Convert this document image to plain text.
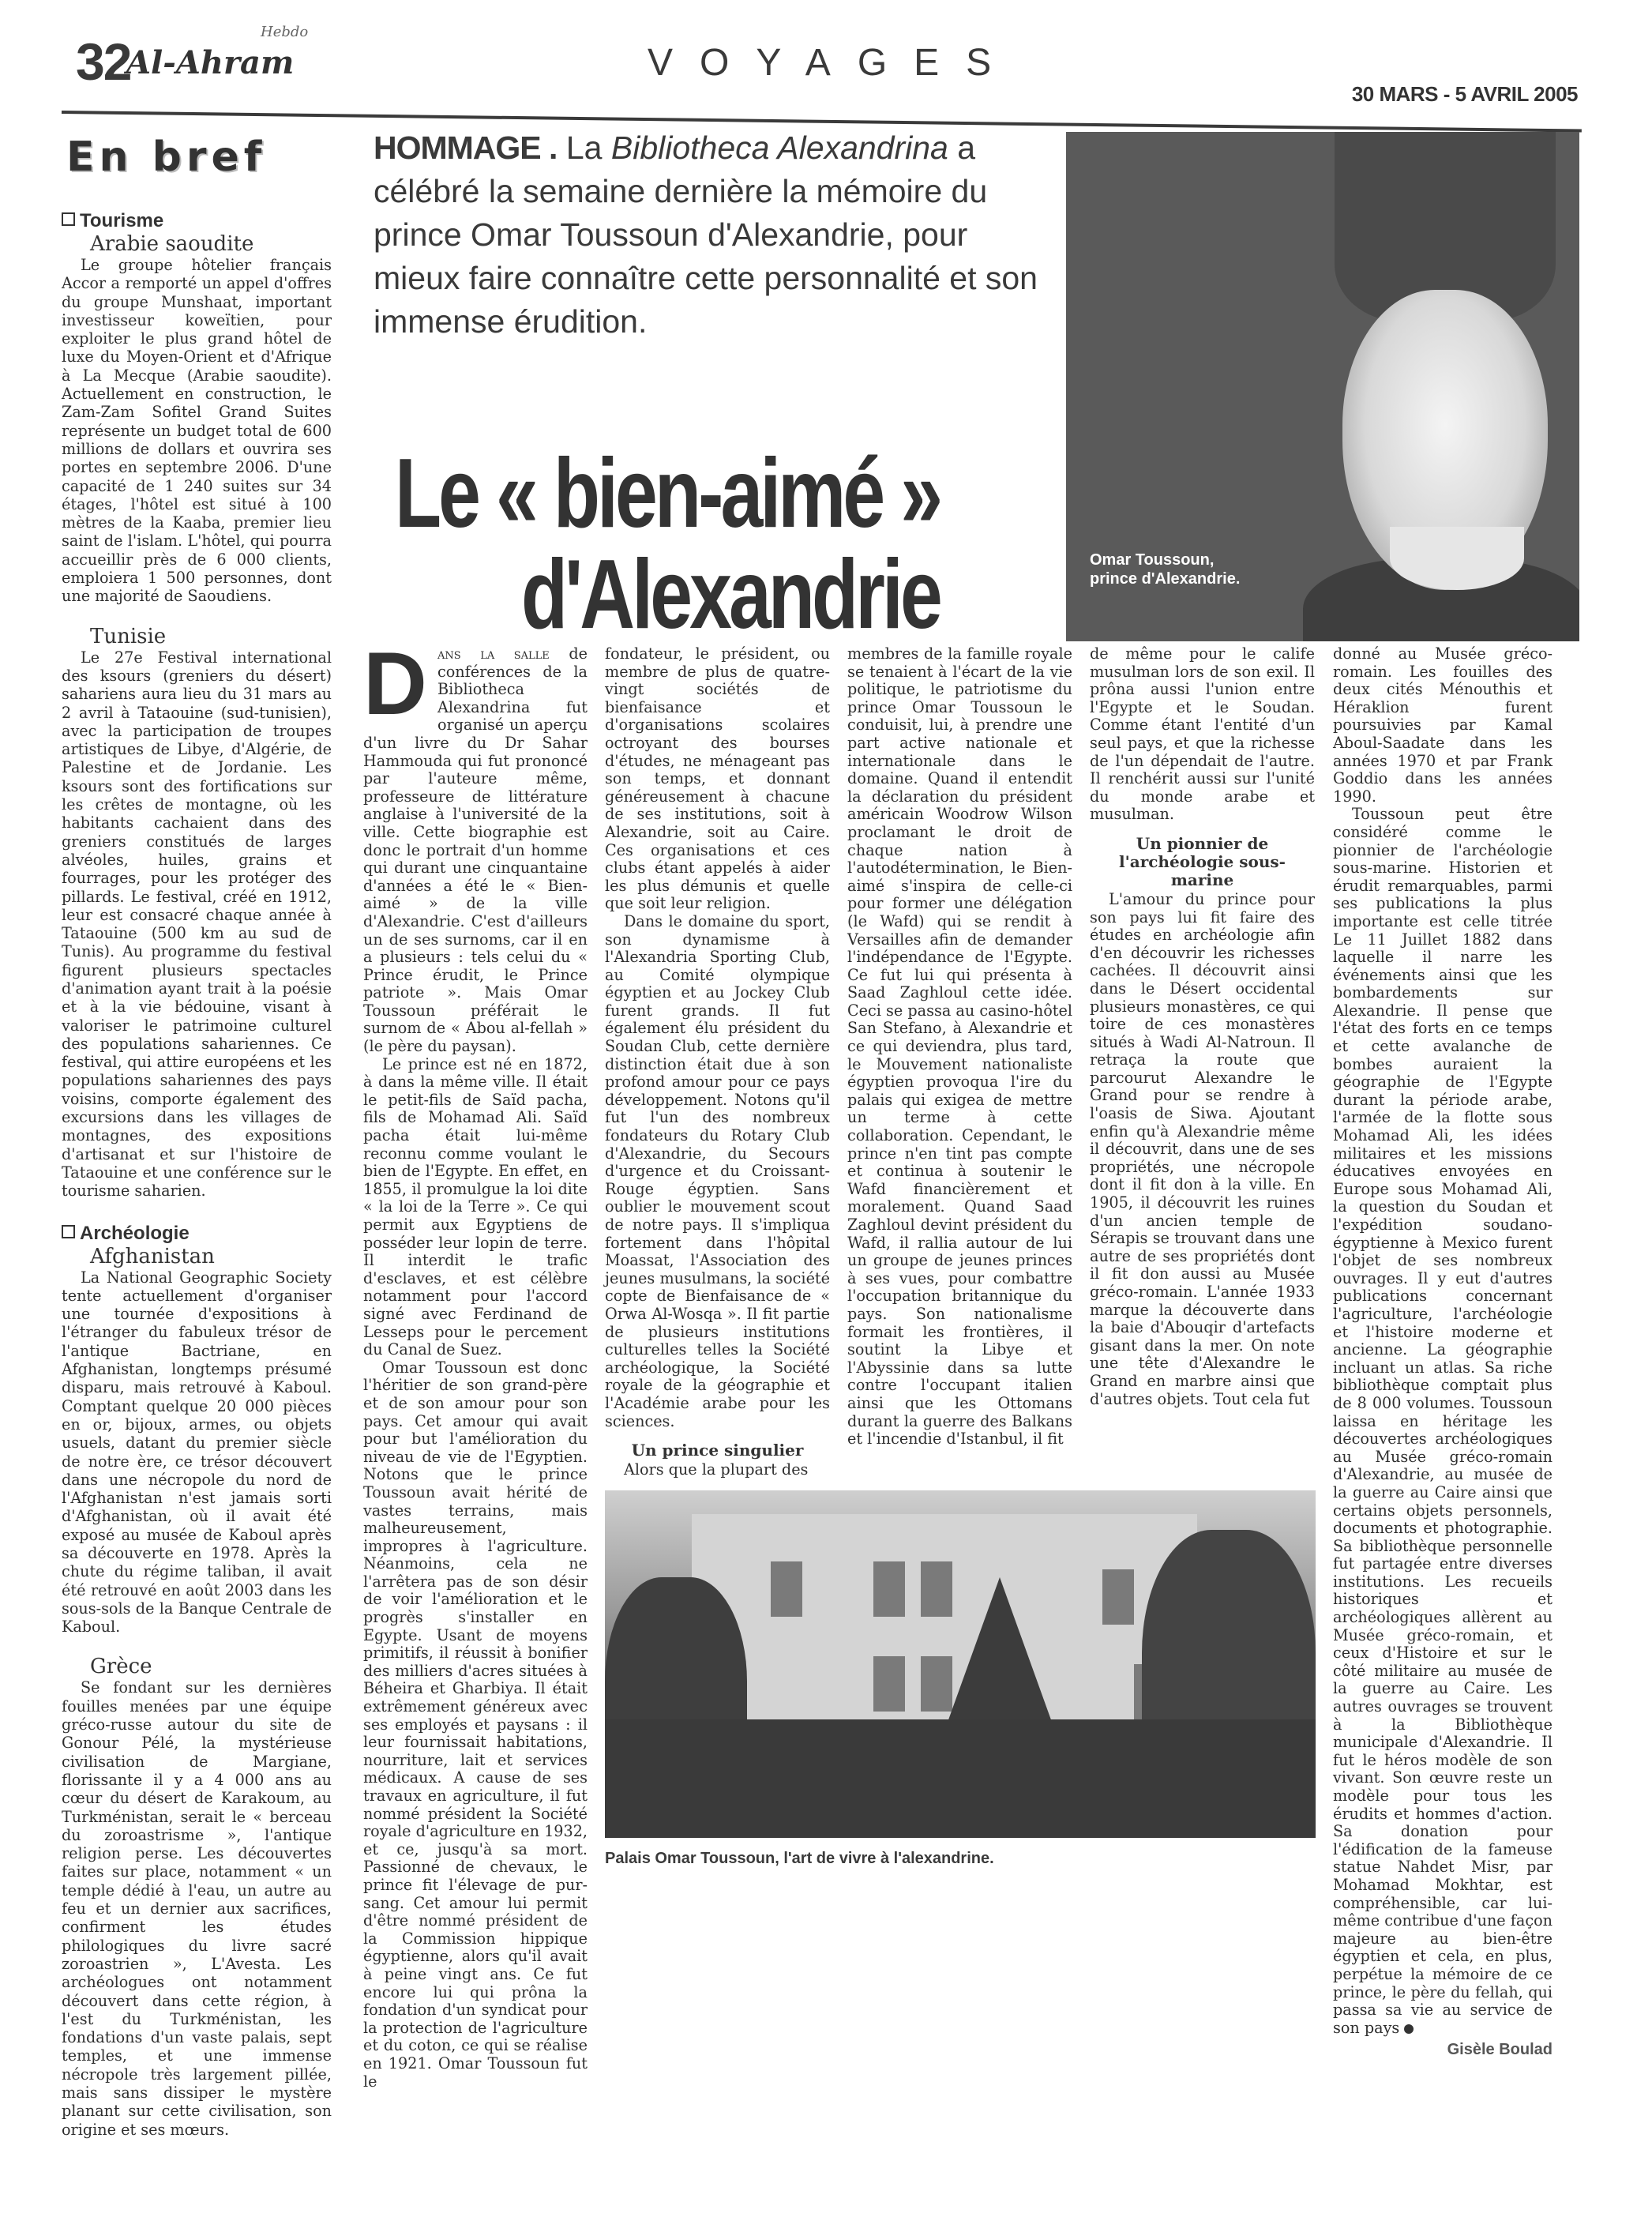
32
Al-Ahram
Hebdo
VOYAGES
30 MARS - 5 AVRIL 2005
En bref
Tourisme
Arabie saoudite

Le groupe hôtelier français Accor a remporté un appel d'offres du groupe Munshaat, important investisseur koweïtien, pour exploiter le plus grand hôtel de luxe du Moyen-Orient et d'Afrique à La Mecque (Arabie saoudite). Actuellement en construction, le Zam-Zam Sofitel Grand Suites représente un budget total de 600 millions de dollars et ouvrira ses portes en septembre 2006. D'une capacité de 1 240 suites sur 34 étages, l'hôtel est situé à 100 mètres de la Kaaba, premier lieu saint de l'islam. L'hôtel, qui pourra accueillir près de 6 000 clients, emploiera 1 500 personnes, dont une majorité de Saoudiens.

Tunisie

Le 27e Festival international des ksours (greniers du désert) sahariens aura lieu du 31 mars au 2 avril à Tataouine (sud-tunisien), avec la participation de troupes artistiques de Libye, d'Algérie, de Palestine et de Jordanie. Les ksours sont des fortifications sur les crêtes de montagne, où les habitants cachaient dans des greniers constitués de larges alvéoles, huiles, grains et fourrages, pour les protéger des pillards. Le festival, créé en 1912, leur est consacré chaque année à Tataouine (500 km au sud de Tunis). Au programme du festival figurent plusieurs spectacles d'animation ayant trait à la poésie et à la vie bédouine, visant à valoriser le patrimoine culturel des populations sahariennes. Ce festival, qui attire européens et les populations sahariennes des pays voisins, comporte également des excursions dans les villages de montagnes, des expositions d'artisanat et sur l'histoire de Tataouine et une conférence sur le tourisme saharien.

Archéologie
Afghanistan

La National Geographic Society tente actuellement d'organiser une tournée d'expositions à l'étranger du fabuleux trésor de l'antique Bactriane, en Afghanistan, longtemps présumé disparu, mais retrouvé à Kaboul. Comptant quelque 20 000 pièces en or, bijoux, armes, ou objets usuels, datant du premier siècle de notre ère, ce trésor découvert dans une nécropole du nord de l'Afghanistan n'est jamais sorti d'Afghanistan, où il avait été exposé au musée de Kaboul après sa découverte en 1978. Après la chute du régime taliban, il avait été retrouvé en août 2003 dans les sous-sols de la Banque Centrale de Kaboul.

Grèce

Se fondant sur les dernières fouilles menées par une équipe gréco-russe autour du site de Gonour Pélé, la mystérieuse civilisation de Margiane, florissante il y a 4 000 ans au cœur du désert de Karakoum, au Turkménistan, serait le « berceau du zoroastrisme », l'antique religion perse. Les découvertes faites sur place, notamment « un temple dédié à l'eau, un autre au feu et un dernier aux sacrifices, confirment les études philologiques du livre sacré zoroastrien », L'Avesta. Les archéologues ont notamment découvert dans cette région, à l'est du Turkménistan, les fondations d'un vaste palais, sept temples, et une immense nécropole très largement pillée, mais sans dissiper le mystère planant sur cette civilisation, son origine et ses mœurs.

HOMMAGE . La Bibliotheca Alexandrina a célébré la semaine dernière la mémoire du prince Omar Toussoun d'Alexandrie, pour mieux faire connaître cette personnalité et son immense érudition.
Le « bien-aimé »
d'Alexandrie	Omar Toussoun,
prince d'Alexandrie.
D ans la salle de conférences de la Bibliotheca Alexandrina fut organisé un aperçu d'un livre du Dr Sahar Hammouda qui fut prononcé par l'auteure même, professeure de littérature anglaise à l'université de la ville. Cette biographie est donc le portrait d'un homme qui durant une cinquantaine d'années a été le « Bien-aimé » de la ville d'Alexandrie. C'est d'ailleurs un de ses surnoms, car il en a plusieurs : tels celui du « Prince érudit, le Prince patriote ». Mais Omar Toussoun préférait le surnom de « Abou al-fellah » (le père du paysan).

Le prince est né en 1872, à dans la même ville. Il était le petit-fils de Saïd pacha, fils de Mohamad Ali. Saïd pacha était lui-même reconnu comme voulant le bien de l'Egypte. En effet, en 1855, il promulgue la loi dite « la loi de la Terre ». Ce qui permit aux Egyptiens de posséder leur lopin de terre. Il interdit le trafic d'esclaves, et est célèbre notamment pour l'accord signé avec Ferdinand de Lesseps pour le percement du Canal de Suez.

Omar Toussoun est donc l'héritier de son grand-père et de son amour pour son pays. Cet amour qui avait pour but l'amélioration du niveau de vie de l'Egyptien. Notons que le prince Toussoun avait hérité de vastes terrains, mais malheureusement, impropres à l'agriculture. Néanmoins, cela ne l'arrêtera pas de son désir de voir l'amélioration et le progrès s'installer en Egypte. Usant de moyens primitifs, il réussit à bonifier des milliers d'acres situées à Béheira et Gharbiya. Il était extrêmement généreux avec ses employés et paysans : il leur fournissait habitations, nourriture, lait et services médicaux. A cause de ses travaux en agriculture, il fut nommé président la Société royale d'agriculture en 1932, et ce, jusqu'à sa mort. Passionné de chevaux, le prince fit l'élevage de pur-sang. Cet amour lui permit d'être nommé président de la Commission hippique égyptienne, alors qu'il avait à peine vingt ans. Ce fut encore lui qui prôna la fondation d'un syndicat pour la protection de l'agriculture et du coton, ce qui se réalise en 1921. Omar Toussoun fut le

fondateur, le président, ou membre de plus de quatre-vingt sociétés de bienfaisance et d'organisations scolaires octroyant des bourses d'études, ne ménageant pas son temps, et donnant généreusement à chacune de ses institutions, soit à Alexandrie, soit au Caire. Ces organisations et ces clubs étant appelés à aider les plus démunis et quelle que soit leur religion.

Dans le domaine du sport, son dynamisme à l'Alexandria Sporting Club, au Comité olympique égyptien et au Jockey Club furent grands. Il fut également élu président du Soudan Club, cette dernière distinction était due à son profond amour pour ce pays développement. Notons qu'il fut l'un des nombreux fondateurs du Rotary Club d'Alexandrie, du Secours d'urgence et du Croissant-Rouge égyptien. Sans oublier le mouvement scout de notre pays. Il s'impliqua fortement dans l'hôpital Moassat, l'Association des jeunes musulmans, la société copte de Bienfaisance de « Orwa Al-Wosqa ». Il fit partie de plusieurs institutions culturelles telles la Société archéologique, la Société royale de la géographie et l'Académie arabe pour les sciences.

Un prince singulier

Alors que la plupart des

membres de la famille royale se tenaient à l'écart de la vie politique, le patriotisme du prince Omar Toussoun le conduisit, lui, à prendre une part active nationale et internationale dans le domaine. Quand il entendit la déclaration du président américain Woodrow Wilson proclamant le droit de chaque nation à l'autodétermination, le Bien-aimé s'inspira de celle-ci pour former une délégation (le Wafd) qui se rendit à Versailles afin de demander l'indépendance de l'Egypte. Ce fut lui qui présenta à Saad Zaghloul cette idée. Ceci se passa au casino-hôtel San Stefano, à Alexandrie et ce qui deviendra, plus tard, le Mouvement nationaliste égyptien provoqua l'ire du palais qui exigea de mettre un terme à cette collaboration. Cependant, le prince n'en tint pas compte et continua à soutenir le Wafd financièrement et moralement. Quand Saad Zaghloul devint président du Wafd, il rallia autour de lui un groupe de jeunes princes à ses vues, pour combattre l'occupation britannique du pays. Son nationalisme formait les frontières, il soutint la Libye et l'Abyssinie dans sa lutte contre l'occupant italien ainsi que les Ottomans durant la guerre des Balkans et l'incendie d'Istanbul, il fit

de même pour le calife musulman lors de son exil. Il prôna aussi l'union entre l'Egypte et le Soudan. Comme étant l'entité d'un seul pays, et que la richesse de l'un dépendait de l'autre. Il renchérit aussi sur l'unité du monde arabe et musulman.

Un pionnier de l'archéologie sous-marine

L'amour du prince pour son pays lui fit faire des études en archéologie afin d'en découvrir les richesses cachées. Il découvrit ainsi dans le Désert occidental plusieurs monastères, ce qui toire de ces monastères situés à Wadi Al-Natroun. Il retraça la route que parcourut Alexandre le Grand pour se rendre à l'oasis de Siwa. Ajoutant enfin qu'à Alexandrie même il découvrit, dans une de ses propriétés, une nécropole dont il fit don à la ville. En 1905, il découvrit les ruines d'un ancien temple de Sérapis se trouvant dans une autre de ses propriétés dont il fit don aussi au Musée gréco-romain. L'année 1933 marque la découverte dans la baie d'Abouqir d'artefacts gisant dans la mer. On note une tête d'Alexandre le Grand en marbre ainsi que d'autres objets. Tout cela fut

Palais Omar Toussoun, l'art de vivre à l'alexandrine.

donné au Musée gréco-romain. Les fouilles des deux cités Ménouthis et Héraklion furent poursuivies par Kamal Aboul-Saadate dans les années 1970 et par Frank Goddio dans les années 1990.

Toussoun peut être considéré comme le pionnier de l'archéologie sous-marine. Historien et érudit remarquables, parmi ses publications la plus importante est celle titrée Le 11 Juillet 1882 dans laquelle il narre les événements ainsi que les bombardements sur Alexandrie. Il pense que l'état des forts en ce temps et cette avalanche de bombes auraient la géographie de l'Egypte durant la période arabe, l'armée de la flotte sous Mohamad Ali, les idées militaires et les missions éducatives envoyées en Europe sous Mohamad Ali, la question du Soudan et l'expédition soudano-égyptienne à Mexico furent l'objet de ses nombreux ouvrages. Il y eut d'autres publications concernant l'agriculture, l'archéologie et l'histoire moderne et ancienne. La géographie incluant un atlas. Sa riche bibliothèque comptait plus de 8 000 volumes. Toussoun laissa en héritage les découvertes archéologiques au Musée gréco-romain d'Alexandrie, au musée de la guerre au Caire ainsi que certains objets personnels, documents et photographie. Sa bibliothèque personnelle fut partagée entre diverses institutions. Les recueils historiques et archéologiques allèrent au Musée gréco-romain, et ceux d'Histoire et sur le côté militaire au musée de la guerre au Caire. Les autres ouvrages se trouvent à la Bibliothèque municipale d'Alexandrie. Il fut le héros modèle de son vivant. Son œuvre reste un modèle pour tous les érudits et hommes d'action. Sa donation pour l'édification de la fameuse statue Nahdet Misr, par Mohamad Mokhtar, est compréhensible, car lui-même contribue d'une façon majeure au bien-être égyptien et cela, en plus, perpétue la mémoire de ce prince, le père du fellah, qui passa sa vie au service de son pays

Gisèle Boulad
